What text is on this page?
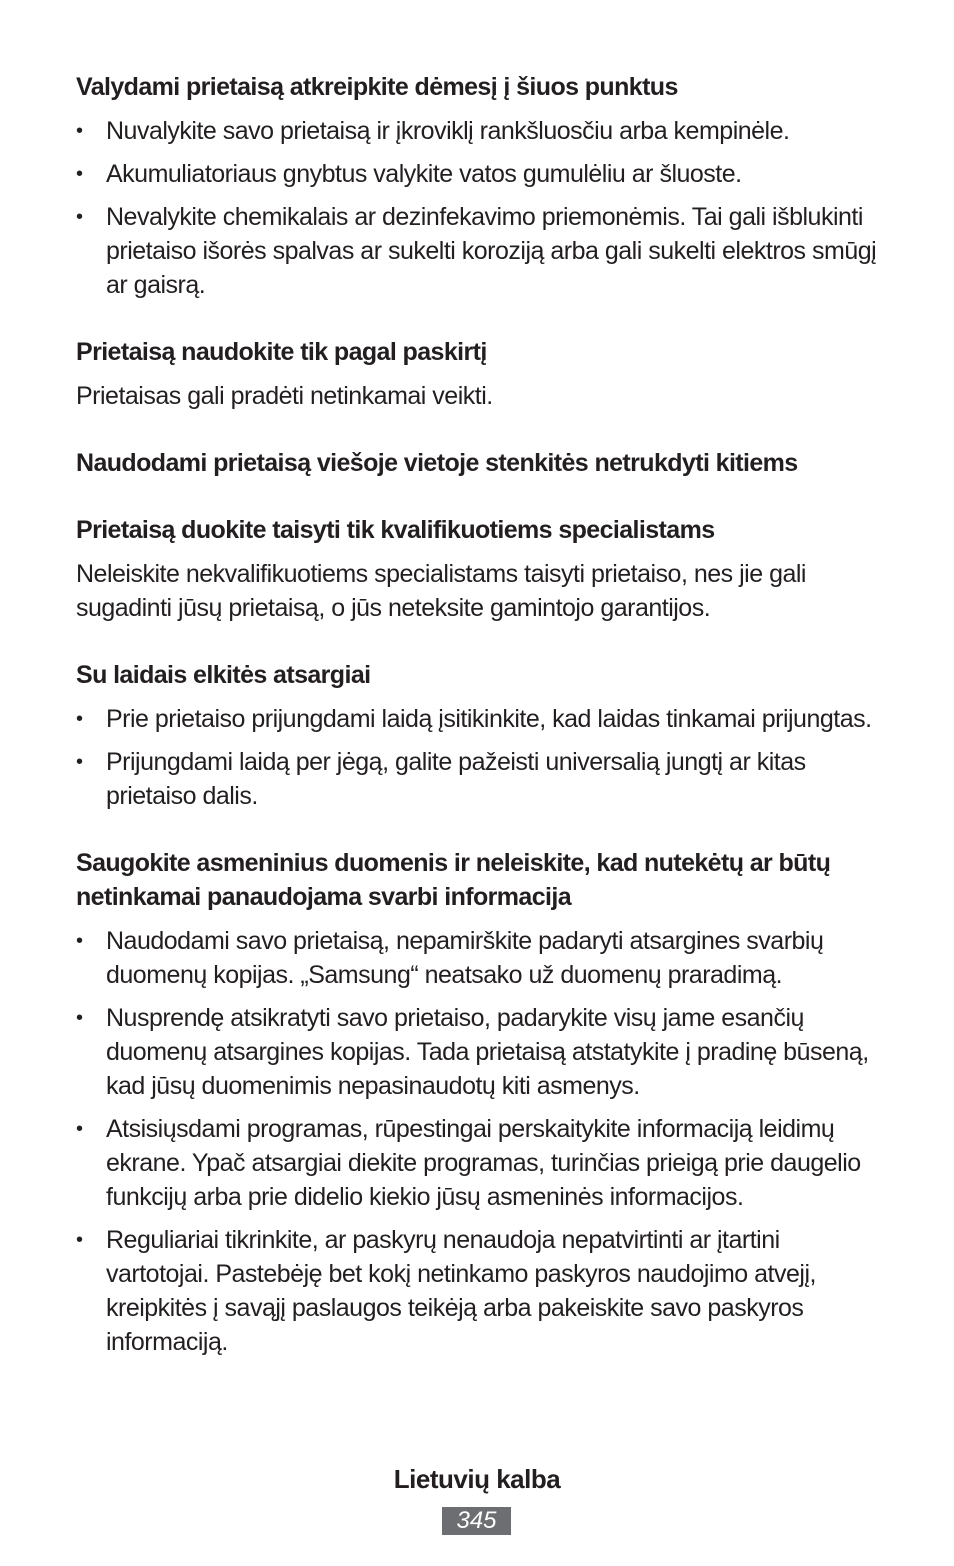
Valydami prietaisą atkreipkite dėmesį į šiuos punktus
• Nuvalykite savo prietaisą ir įkroviklį rankšluosčiu arba kempinėle.
• Akumuliatoriaus gnybtus valykite vatos gumulėliu ar šluoste.
• Nevalykite chemikalais ar dezinfekavimo priemonėmis. Tai gali išblukinti prietaiso išorės spalvas ar sukelti koroziją arba gali sukelti elektros smūgį ar gaisrą.
Prietaisą naudokite tik pagal paskirtį

Prietaisas gali pradėti netinkamai veikti.

Naudodami prietaisą viešoje vietoje stenkitės netrukdyti kitiems
Prietaisą duokite taisyti tik kvalifikuotiems specialistams

Neleiskite nekvalifikuotiems specialistams taisyti prietaiso, nes jie gali sugadinti jūsų prietaisą, o jūs neteksite gamintojo garantijos.

Su laidais elkitės atsargiai
• Prie prietaiso prijungdami laidą įsitikinkite, kad laidas tinkamai prijungtas.
• Prijungdami laidą per jėgą, galite pažeisti universalią jungtį ar kitas prietaiso dalis.
Saugokite asmeninius duomenis ir neleiskite, kad nutekėtų ar būtų netinkamai panaudojama svarbi informacija
• Naudodami savo prietaisą, nepamirškite padaryti atsargines svarbių duomenų kopijas. „Samsung“ neatsako už duomenų praradimą.
• Nusprendę atsikratyti savo prietaiso, padarykite visų jame esančių duomenų atsargines kopijas. Tada prietaisą atstatykite į pradinę būseną, kad jūsų duomenimis nepasinaudotų kiti asmenys.
• Atsisiųsdami programas, rūpestingai perskaitykite informaciją leidimų ekrane. Ypač atsargiai diekite programas, turinčias prieigą prie daugelio funkcijų arba prie didelio kiekio jūsų asmeninės informacijos.
• Reguliariai tikrinkite, ar paskyrų nenaudoja nepatvirtinti ar įtartini vartotojai. Pastebėję bet kokį netinkamo paskyros naudojimo atvejį, kreipkitės į savąjį paslaugos teikėją arba pakeiskite savo paskyros informaciją.
Lietuvių kalba
345
